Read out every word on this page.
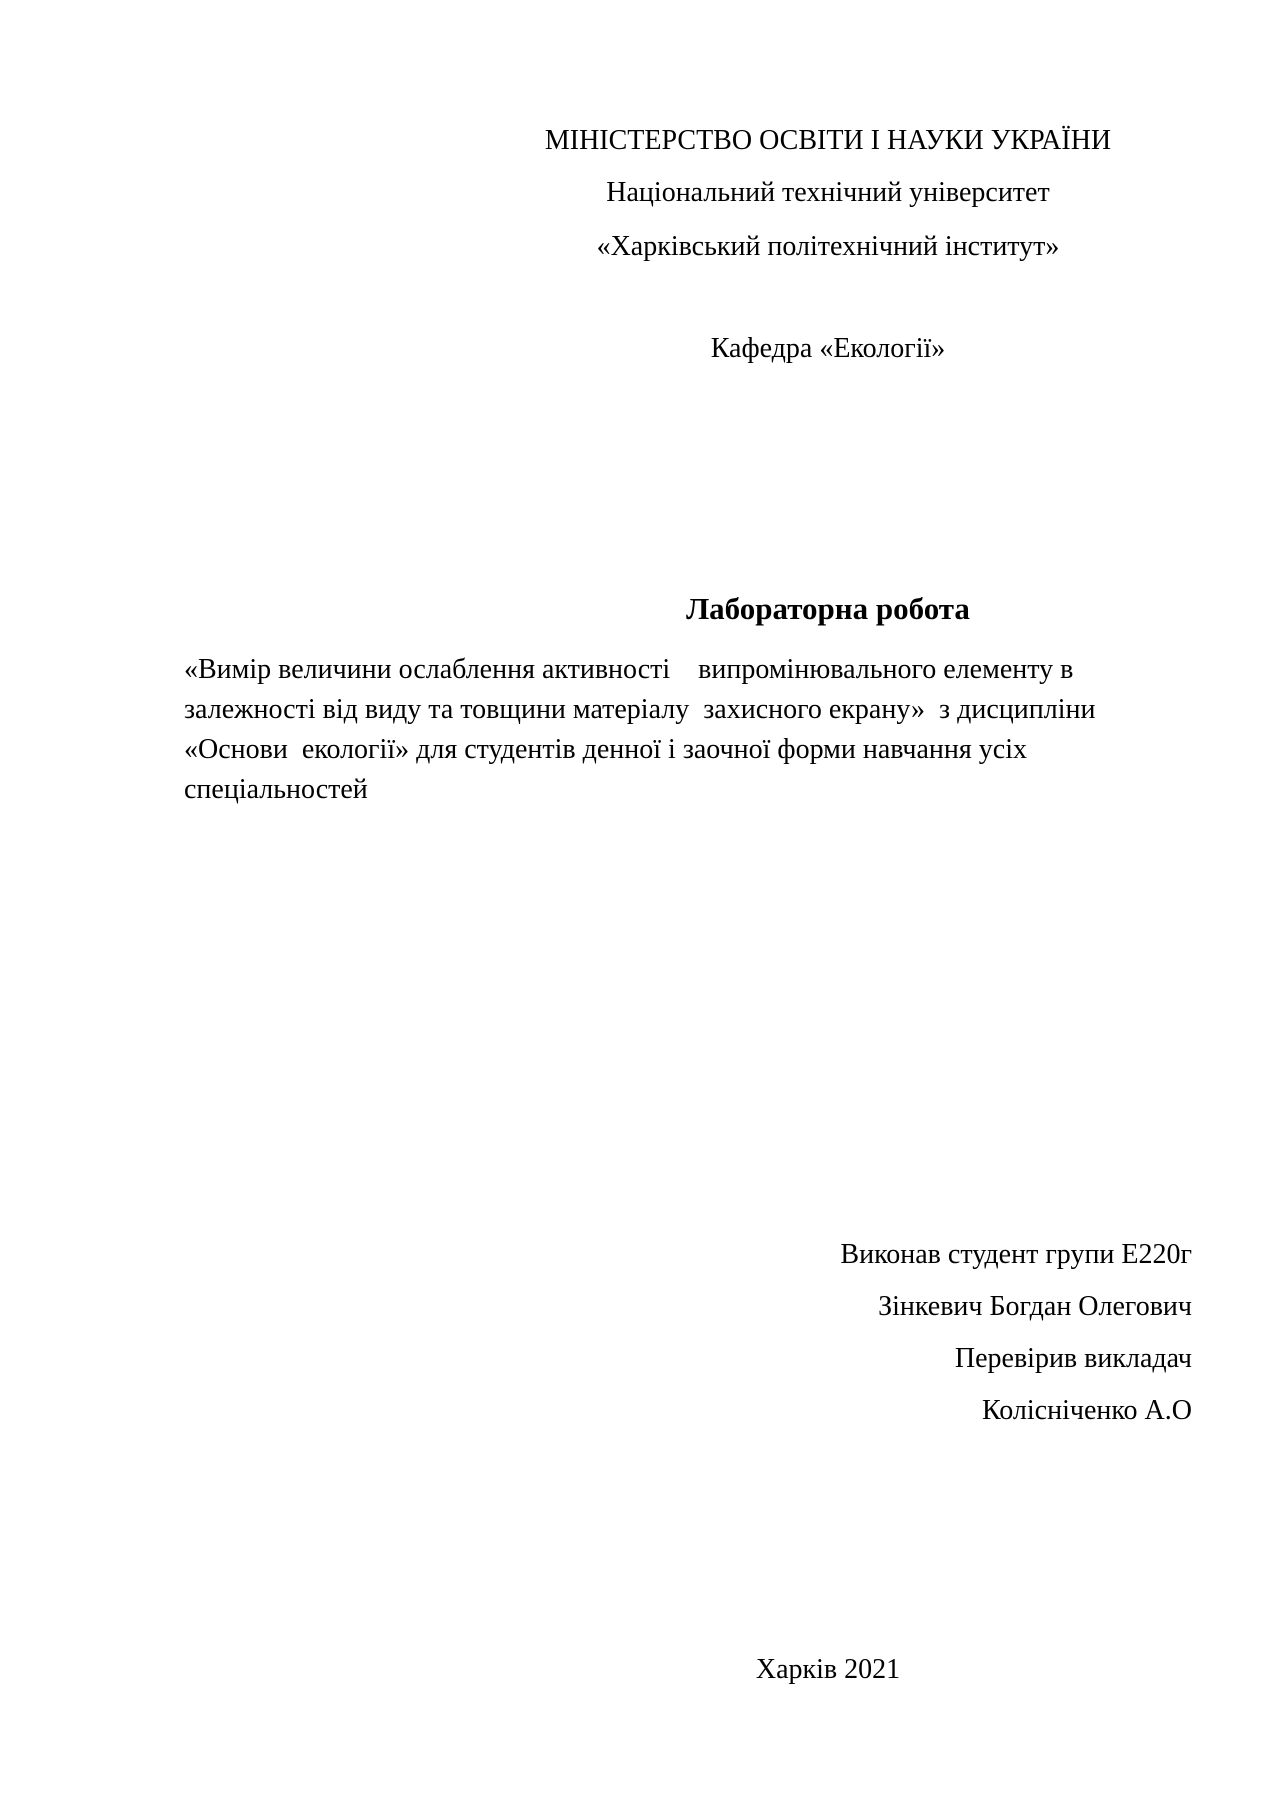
МІНІСТЕРСТВО ОСВІТИ І НАУКИ УКРАЇНИ
Національний технічний університет
«Харківський політехнічний інститут»
Кафедра «Екології»
Лабораторна робота
«Вимір величини ослаблення активності    випромінювального елементу в
залежності від виду та товщини матеріалу  захисного екрану»  з дисципліни
«Основи  екології» для студентів денної і заочної форми навчання усіх
спеціальностей
Виконав студент групи Е220г
Зінкевич Богдан Олегович
Перевірив викладач
Колісніченко А.О
Харків 2021
